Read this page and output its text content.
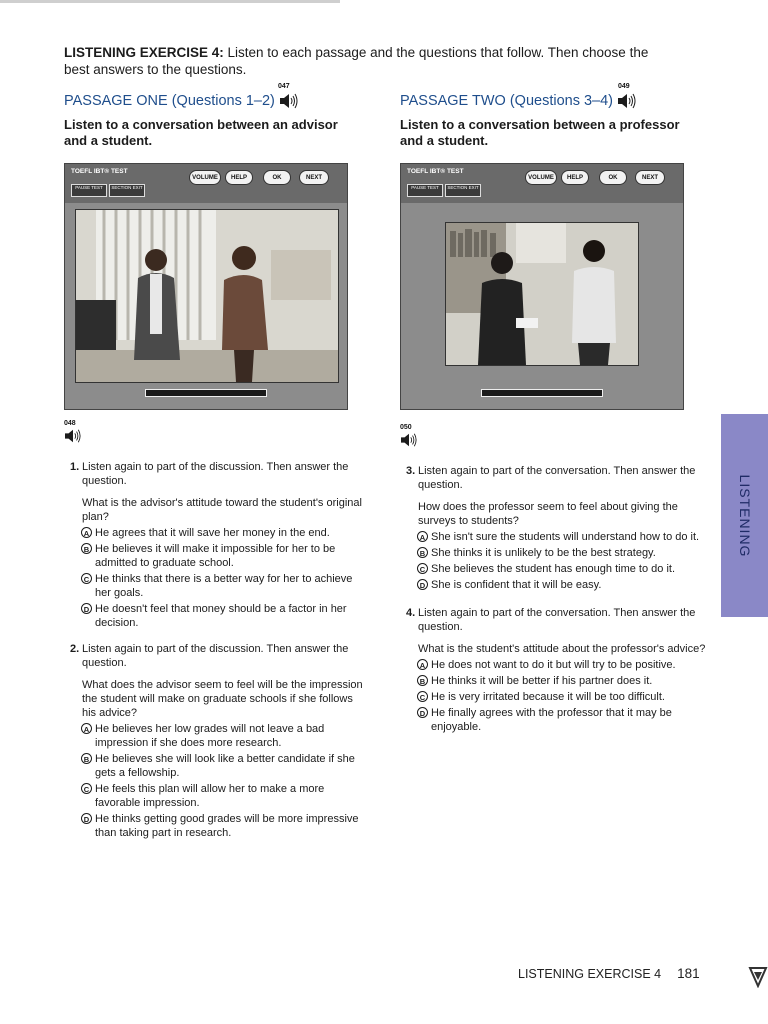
LISTENING EXERCISE 4: Listen to each passage and the questions that follow. Then choose the best answers to the questions.
PASSAGE ONE (Questions 1–2)
047
Listen to a conversation between an advisor and a student.
TOEFL IBT® TEST
PAUSE TEST	SECTION EXIT
VOLUME	HELP	OK	NEXT
048
1. Listen again to part of the discussion. Then answer the question.
What is the advisor's attitude toward the student's original plan?
A He agrees that it will save her money in the end.
B He believes it will make it impossible for her to be admitted to graduate school.
C He thinks that there is a better way for her to achieve her goals.
D He doesn't feel that money should be a factor in her decision.
2. Listen again to part of the discussion. Then answer the question.
What does the advisor seem to feel will be the impression the student will make on graduate schools if she follows his advice?
A He believes her low grades will not leave a bad impression if she does more research.
B He believes she will look like a better candidate if she gets a fellowship.
C He feels this plan will allow her to make a more favorable impression.
D He thinks getting good grades will be more impressive than taking part in research.
PASSAGE TWO (Questions 3–4)
049
Listen to a conversation between a professor and a student.
TOEFL IBT® TEST
PAUSE TEST	SECTION EXIT
VOLUME	HELP	OK	NEXT
050
3. Listen again to part of the conversation. Then answer the question.
How does the professor seem to feel about giving the surveys to students?
A She isn't sure the students will understand how to do it.
B She thinks it is unlikely to be the best strategy.
C She believes the student has enough time to do it.
D She is confident that it will be easy.
4. Listen again to part of the conversation. Then answer the question.
What is the student's attitude about the professor's advice?
A He does not want to do it but will try to be positive.
B He thinks it will be better if his partner does it.
C He is very irritated because it will be too difficult.
D He finally agrees with the professor that it may be enjoyable.
LISTENING
LISTENING EXERCISE 4 181
